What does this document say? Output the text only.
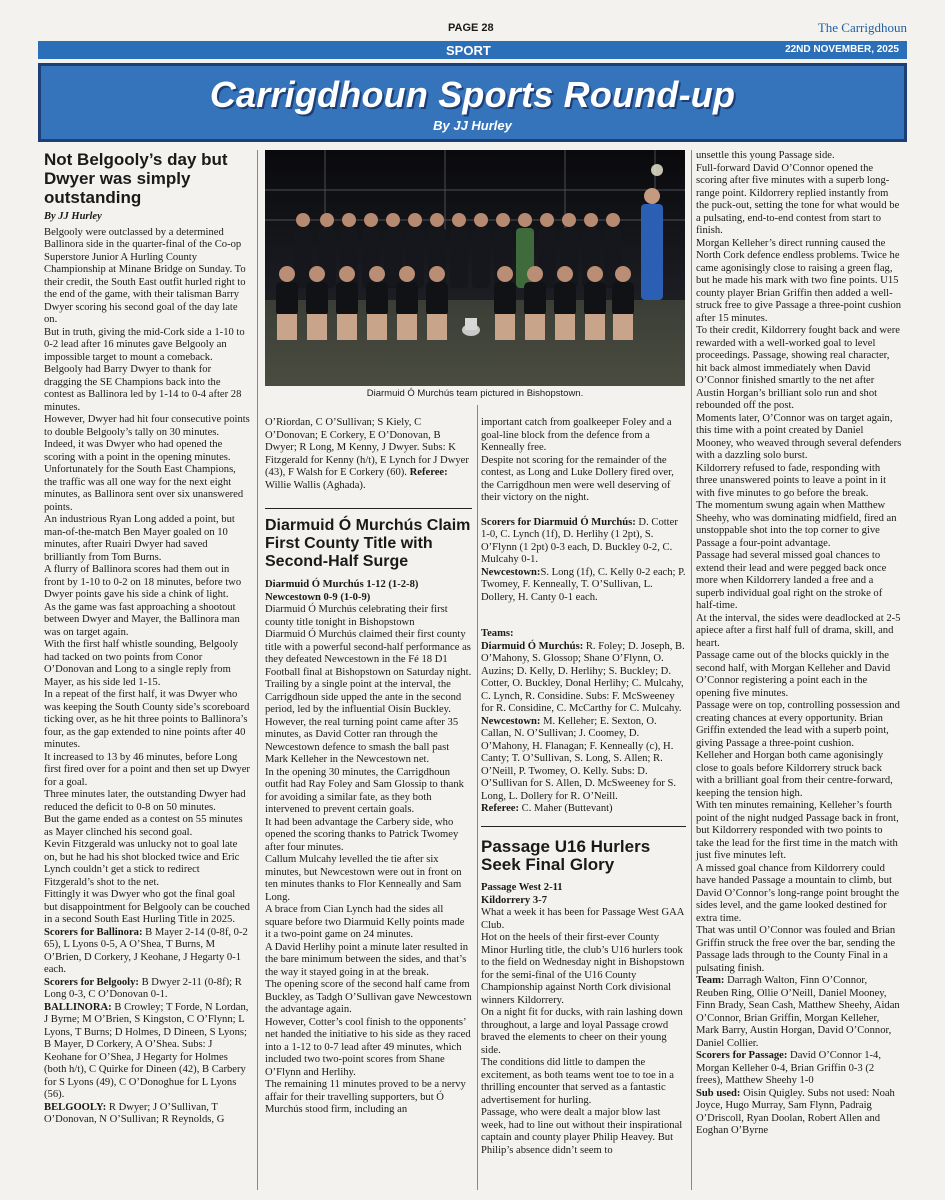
PAGE 28	The Carrigdhoun
SPORT	22ND NOVEMBER, 2025
Carrigdhoun Sports Round-up
By JJ Hurley
Not Belgooly’s day but Dwyer was simply outstanding
By JJ Hurley

Belgooly were outclassed by a determined Ballinora side in the quarter-final of the Co-op Superstore Junior A Hurling County Championship at Minane Bridge on Sunday. To their credit, the South East outfit hurled right to the end of the game, with their talisman Barry Dwyer scoring his second goal of the day late on.

But in truth, giving the mid-Cork side a 1-10 to 0-2 lead after 16 minutes gave Belgooly an impossible target to mount a comeback.

Belgooly had Barry Dwyer to thank for dragging the SE Champions back into the contest as Ballinora led by 1-14 to 0-4 after 28 minutes.

However, Dwyer had hit four consecutive points to double Belgooly’s tally on 30 minutes.

Indeed, it was Dwyer who had opened the scoring with a point in the opening minutes. Unfortunately for the South East Champions, the traffic was all one way for the next eight minutes, as Ballinora sent over six unanswered points.

An industrious Ryan Long added a point, but man-of-the-match Ben Mayer goaled on 10 minutes, after Ruairi Dwyer had saved brilliantly from Tom Burns.

A flurry of Ballinora scores had them out in front by 1-10 to 0-2 on 18 minutes, before two Dwyer points gave his side a chink of light.

As the game was fast approaching a shootout between Dwyer and Mayer, the Ballinora man was on target again.

With the first half whistle sounding, Belgooly had tacked on two points from Conor O’Donovan and Long to a single reply from Mayer, as his side led 1-15.

In a repeat of the first half, it was Dwyer who was keeping the South County side’s scoreboard ticking over, as he hit three points to Ballinora’s four, as the gap extended to nine points after 40 minutes.

It increased to 13 by 46 minutes, before Long first fired over for a point and then set up Dwyer for a goal.

Three minutes later, the outstanding Dwyer had reduced the deficit to 0-8 on 50 minutes.

But the game ended as a contest on 55 minutes as Mayer clinched his second goal.

Kevin Fitzgerald was unlucky not to goal late on, but he had his shot blocked twice and Eric Lynch couldn’t get a stick to redirect Fitzgerald’s shot to the net.

Fittingly it was Dwyer who got the final goal but disappointment for Belgooly can be couched in a second South East Hurling Title in 2025.

Scorers for Ballinora: B Mayer 2-14 (0-8f, 0-2 65), L Lyons 0-5, A O’Shea, T Burns, M O’Brien, D Corkery, J Keohane, J Hegarty 0-1 each.

Scorers for Belgooly: B Dwyer 2-11 (0-8f); R Long 0-3, C O’Donovan 0-1.

BALLINORA: B Crowley; T Forde, N Lordan, J Byrne; M O’Brien, S Kingston, C O’Flynn; L Lyons, T Burns; D Holmes, D Dineen, S Lyons; B Mayer, D Corkery, A O’Shea. Subs: J Keohane for O’Shea, J Hegarty for Holmes (both h/t), C Quirke for Dineen (42), B Carbery for S Lyons (49), C O’Donoghue for L Lyons (56).

BELGOOLY: R Dwyer; J O’Sullivan, T O’Donovan, N O’Sullivan; R Reynolds, G

Diarmuid Ó Murchús team pictured in Bishopstown.

O’Riordan, C O’Sullivan; S Kiely, C O’Donovan; E Corkery, E O’Donovan, B Dwyer; R Long, M Kenny, J Dwyer. Subs: K Fitzgerald for Kenny (h/t), E Lynch for J Dwyer (43), F Walsh for E Corkery (60). Referee: Willie Wallis (Aghada).

Diarmuid Ó Murchús Claim First County Title with Second-Half Surge

Diarmuid Ó Murchús 1-12 (1-2-8)

Newcestown 0-9 (1-0-9)

Diarmuid Ó Murchús celebrating their first county title tonight in Bishopstown

Diarmuid Ó Murchús claimed their first county title with a powerful second-half performance as they defeated Newcestown in the Fé 18 D1 Football final at Bishopstown on Saturday night.

Trailing by a single point at the interval, the Carrigdhoun side upped the ante in the second period, led by the influential Oisín Buckley.

However, the real turning point came after 35 minutes, as David Cotter ran through the Newcestown defence to smash the ball past Mark Kelleher in the Newcestown net.

In the opening 30 minutes, the Carrigdhoun outfit had Ray Foley and Sam Glossip to thank for avoiding a similar fate, as they both intervened to prevent certain goals.

It had been advantage the Carbery side, who opened the scoring thanks to Patrick Twomey after four minutes.

Callum Mulcahy levelled the tie after six minutes, but Newcestown were out in front on ten minutes thanks to Flor Kenneally and Sam Long.

A brace from Cian Lynch had the sides all square before two Diarmuid Kelly points made it a two-point game on 24 minutes.

A David Herlihy point a minute later resulted in the bare minimum between the sides, and that’s the way it stayed going in at the break.

The opening score of the second half came from Buckley, as Tadgh O’Sullivan gave Newcestown the advantage again.

However, Cotter’s cool finish to the opponents’ net handed the initiative to his side as they raced into a 1-12 to 0-7 lead after 49 minutes, which included two two-point scores from Shane O’Flynn and Herlihy.

The remaining 11 minutes proved to be a nervy affair for their travelling supporters, but Ó Murchús stood firm, including an

important catch from goalkeeper Foley and a goal-line block from the defence from a Kenneally free.

Despite not scoring for the remainder of the contest, as Long and Luke Dollery fired over, the Carrigdhoun men were well deserving of their victory on the night.

Scorers for Diarmuid Ó Murchús: D. Cotter 1-0, C. Lynch (1f), D. Herlihy (1 2pt), S. O’Flynn (1 2pt) 0-3 each, D. Buckley 0-2, C. Mulcahy 0-1.

Newcestown:S. Long (1f), C. Kelly 0-2 each; P. Twomey, F. Kenneally, T. O’Sullivan, L. Dollery, H. Canty 0-1 each.

Teams:

Diarmuid Ó Murchús: R. Foley; D. Joseph, B. O’Mahony, S. Glossop; Shane O’Flynn, O. Auzins; D. Kelly, D. Herlihy; S. Buckley; D. Cotter, O. Buckley, Donal Herlihy; C. Mulcahy, C. Lynch, R. Considine. Subs: F. McSweeney for R. Considine, C. McCarthy for C. Mulcahy.

Newcestown: M. Kelleher; E. Sexton, O. Callan, N. O’Sullivan; J. Coomey, D. O’Mahony, H. Flanagan; F. Kenneally (c), H. Canty; T. O’Sullivan, S. Long, S. Allen; R. O’Neill, P. Twomey, O. Kelly. Subs: D. O’Sullivan for S. Allen, D. McSweeney for S. Long, L. Dollery for R. O’Neill.

Referee: C. Maher (Buttevant)

Passage U16 Hurlers Seek Final Glory

Passage West 2-11

Kildorrery 3-7

What a week it has been for Passage West GAA Club.

Hot on the heels of their first-ever County Minor Hurling title, the club’s U16 hurlers took to the field on Wednesday night in Bishopstown for the semi-final of the U16 County Championship against North Cork divisional winners Kildorrery.

On a night fit for ducks, with rain lashing down throughout, a large and loyal Passage crowd braved the elements to cheer on their young side.

The conditions did little to dampen the excitement, as both teams went toe to toe in a thrilling encounter that served as a fantastic advertisement for hurling.

Passage, who were dealt a major blow last week, had to line out without their inspirational captain and county player Philip Heavey. But Philip’s absence didn’t seem to

unsettle this young Passage side.

Full-forward David O’Connor opened the scoring after five minutes with a superb long-range point. Kildorrery replied instantly from the puck-out, setting the tone for what would be a pulsating, end-to-end contest from start to finish.

Morgan Kelleher’s direct running caused the North Cork defence endless problems. Twice he came agonisingly close to raising a green flag, but he made his mark with two fine points. U15 county player Brian Griffin then added a well-struck free to give Passage a three-point cushion after 15 minutes.

To their credit, Kildorrery fought back and were rewarded with a well-worked goal to level proceedings. Passage, showing real character, hit back almost immediately when David O’Connor finished smartly to the net after Austin Horgan’s brilliant solo run and shot rebounded off the post.

Moments later, O’Connor was on target again, this time with a point created by Daniel Mooney, who weaved through several defenders with a dazzling solo burst.

Kildorrery refused to fade, responding with three unanswered points to leave a point in it with five minutes to go before the break.

The momentum swung again when Matthew Sheehy, who was dominating midfield, fired an unstoppable shot into the top corner to give Passage a four-point advantage.

Passage had several missed goal chances to extend their lead and were pegged back once more when Kildorrery landed a free and a superb individual goal right on the stroke of half-time.

At the interval, the sides were deadlocked at 2-5 apiece after a first half full of drama, skill, and heart.

Passage came out of the blocks quickly in the second half, with Morgan Kelleher and David O’Connor registering a point each in the opening five minutes.

Passage were on top, controlling possession and creating chances at every opportunity. Brian Griffin extended the lead with a superb point, giving Passage a three-point cushion.

Kelleher and Horgan both came agonisingly close to goals before Kildorrery struck back with a brilliant goal from their centre-forward, keeping the tension high.

With ten minutes remaining, Kelleher’s fourth point of the night nudged Passage back in front, but Kildorrery responded with two points to take the lead for the first time in the match with just five minutes left.

A missed goal chance from Kildorrery could have handed Passage a mountain to climb, but David O’Connor’s long-range point brought the sides level, and the game looked destined for extra time.

That was until O’Connor was fouled and Brian Griffin struck the free over the bar, sending the Passage lads through to the County Final in a pulsating finish.

Team: Darragh Walton, Finn O’Connor, Reuben Ring, Ollie O’Neill, Daniel Mooney, Finn Brady, Sean Cash, Matthew Sheehy, Aidan O’Connor, Brian Griffin, Morgan Kelleher, Mark Barry, Austin Horgan, David O’Connor, Daniel Collier.

Scorers for Passage: David O’Connor 1-4, Morgan Kelleher 0-4, Brian Griffin 0-3 (2 frees), Matthew Sheehy 1-0

Sub used: Oisin Quigley. Subs not used: Noah Joyce, Hugo Murray, Sam Flynn, Padraig O’Driscoll, Ryan Doolan, Robert Allen and Eoghan O’Byrne
